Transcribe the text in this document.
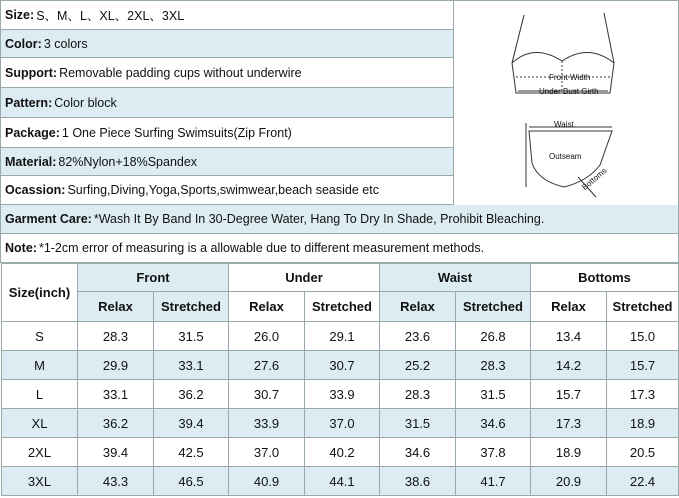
Size: S、M、L、XL、2XL、3XL
Color: 3 colors
Support: Removable padding cups without underwire
Pattern: Color block
Package: 1 One Piece Surfing Swimsuits(Zip Front)
Material: 82%Nylon+18%Spandex
Ocassion: Surfing,Diving,Yoga,Sports,swimwear,beach seaside etc
Garment Care: *Wash It By Band In 30-Degree Water, Hang To Dry In Shade, Prohibit Bleaching.
Note: *1-2cm error of measuring is a allowable due to different measurement methods.
Front Width
Under Bust Girth
Waist
Outseam
Bottoms
Size(inch)	Front		Under		Waist		Bottoms	
	Relax	Stretched	Relax	Stretched	Relax	Stretched	Relax	Stretched
S	28.3	31.5	26.0	29.1	23.6	26.8	13.4	15.0
M	29.9	33.1	27.6	30.7	25.2	28.3	14.2	15.7
L	33.1	36.2	30.7	33.9	28.3	31.5	15.7	17.3
XL	36.2	39.4	33.9	37.0	31.5	34.6	17.3	18.9
2XL	39.4	42.5	37.0	40.2	34.6	37.8	18.9	20.5
3XL	43.3	46.5	40.9	44.1	38.6	41.7	20.9	22.4
